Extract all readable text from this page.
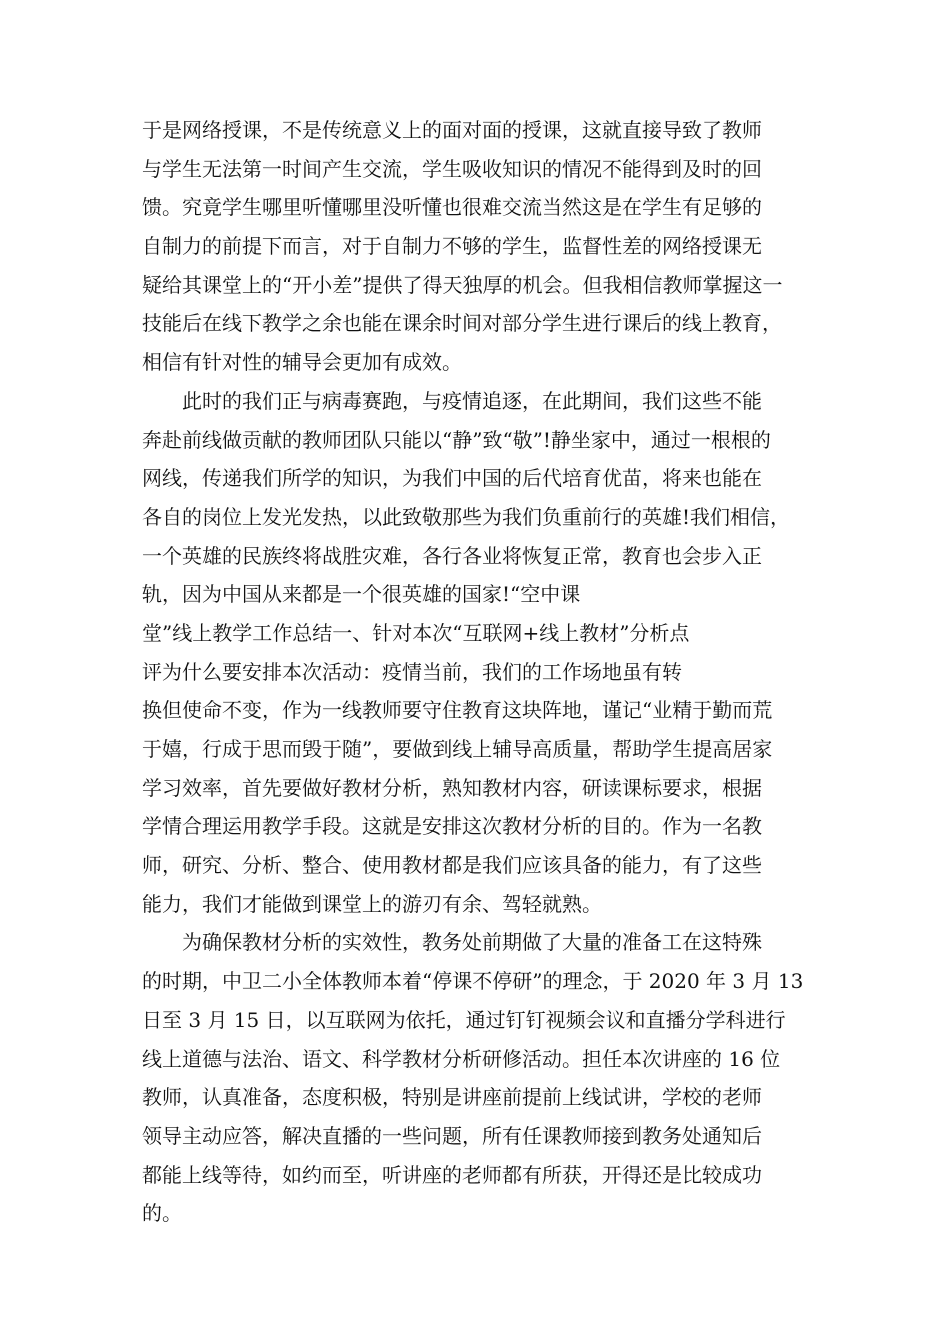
于是网络授课，不是传统意义上的面对面的授课，这就直接导致了教师
与学生无法第一时间产生交流，学生吸收知识的情况不能得到及时的回
馈。究竟学生哪里听懂哪里没听懂也很难交流当然这是在学生有足够的
自制力的前提下而言，对于自制力不够的学生，监督性差的网络授课无
疑给其课堂上的“开小差”提供了得天独厚的机会。但我相信教师掌握这一
技能后在线下教学之余也能在课余时间对部分学生进行课后的线上教育，
相信有针对性的辅导会更加有成效。
　　此时的我们正与病毒赛跑，与疫情追逐，在此期间，我们这些不能
奔赴前线做贡献的教师团队只能以“静”致“敬”!静坐家中，通过一根根的
网线，传递我们所学的知识，为我们中国的后代培育优苗，将来也能在
各自的岗位上发光发热，以此致敬那些为我们负重前行的英雄!我们相信，
一个英雄的民族终将战胜灾难，各行各业将恢复正常，教育也会步入正
轨，因为中国从来都是一个很英雄的国家!“空中课
堂”线上教学工作总结一、针对本次“互联网+线上教材”分析点
评为什么要安排本次活动：疫情当前，我们的工作场地虽有转
换但使命不变，作为一线教师要守住教育这块阵地，谨记“业精于勤而荒
于嬉，行成于思而毁于随”，要做到线上辅导高质量，帮助学生提高居家
学习效率，首先要做好教材分析，熟知教材内容，研读课标要求，根据
学情合理运用教学手段。这就是安排这次教材分析的目的。作为一名教
师，研究、分析、整合、使用教材都是我们应该具备的能力，有了这些
能力，我们才能做到课堂上的游刃有余、驾轻就熟。
　　为确保教材分析的实效性，教务处前期做了大量的准备工在这特殊
的时期，中卫二小全体教师本着“停课不停研”的理念，于 2020 年 3 月 13
日至 3 月 15 日，以互联网为依托，通过钉钉视频会议和直播分学科进行
线上道德与法治、语文、科学教材分析研修活动。担任本次讲座的 16 位
教师，认真准备，态度积极，特别是讲座前提前上线试讲，学校的老师
领导主动应答，解决直播的一些问题，所有任课教师接到教务处通知后
都能上线等待，如约而至，听讲座的老师都有所获，开得还是比较成功
的。
